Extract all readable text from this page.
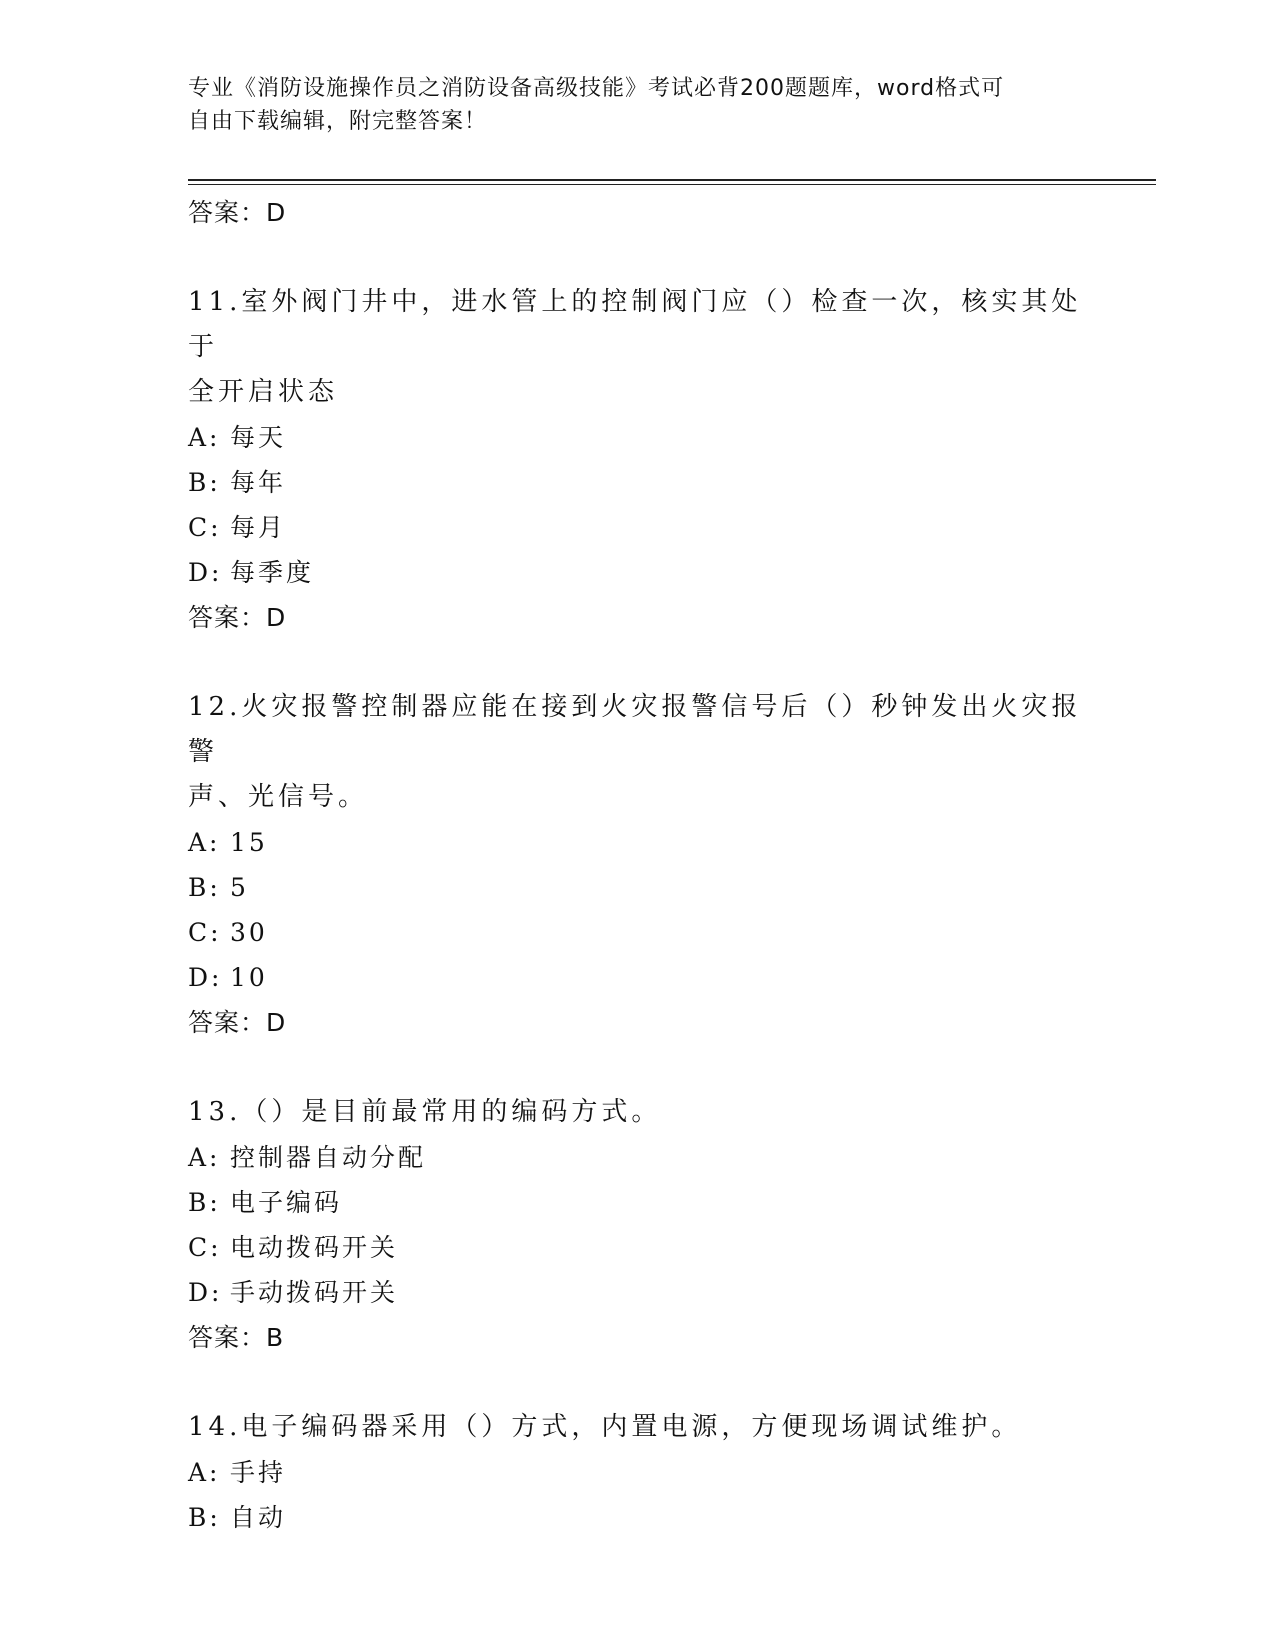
专业《消防设施操作员之消防设备高级技能》考试必背200题题库，word格式可
自由下载编辑，附完整答案！
答案：D
11.室外阀门井中，进水管上的控制阀门应（）检查一次，核实其处于
全开启状态
A: 每天
B: 每年
C: 每月
D: 每季度
答案：D
12.火灾报警控制器应能在接到火灾报警信号后（）秒钟发出火灾报警
声、光信号。
A: 15
B: 5
C: 30
D: 10
答案：D
13.（）是目前最常用的编码方式。
A: 控制器自动分配
B: 电子编码
C: 电动拨码开关
D: 手动拨码开关
答案：B
14.电子编码器采用（）方式，内置电源，方便现场调试维护。
A: 手持
B: 自动
